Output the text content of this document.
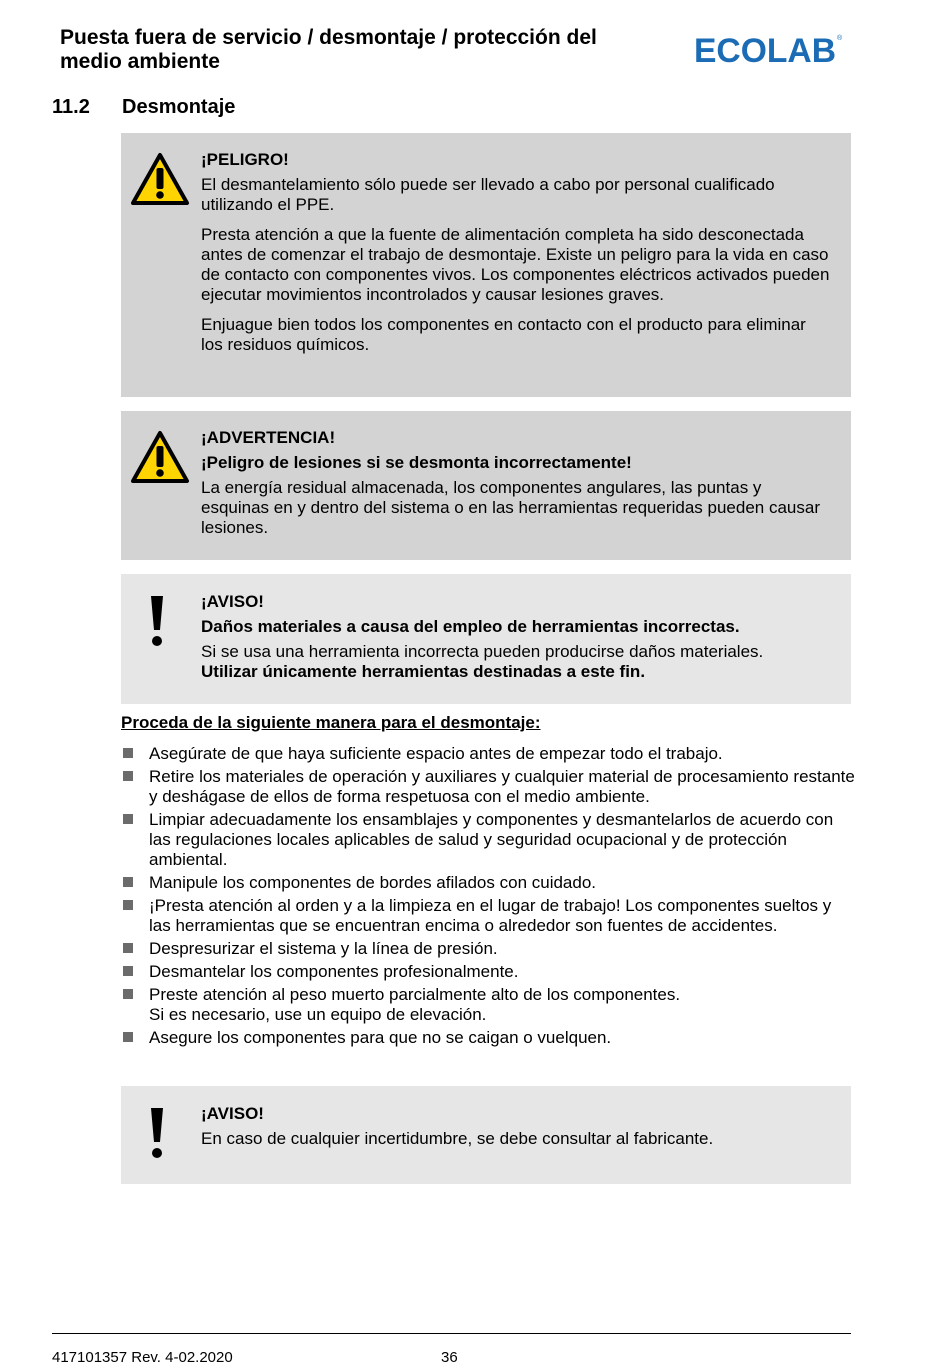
Puesta fuera de servicio / desmontaje / protección del medio ambiente	ECOLAB ®
11.2 Desmontaje

¡PELIGRO!

El desmantelamiento sólo puede ser llevado a cabo por personal cualificado utilizando el PPE.

Presta atención a que la fuente de alimentación completa ha sido desconectada antes de comenzar el trabajo de desmontaje. Existe un peligro para la vida en caso de contacto con componentes vivos. Los componentes eléctricos activados pueden ejecutar movimientos incontrolados y causar lesiones graves.

Enjuague bien todos los componentes en contacto con el producto para eliminar los residuos químicos.

¡ADVERTENCIA!

¡Peligro de lesiones si se desmonta incorrectamente!

La energía residual almacenada, los componentes angulares, las puntas y esquinas en y dentro del sistema o en las herramientas requeridas pueden causar lesiones.

¡AVISO!

Daños materiales a causa del empleo de herramientas incorrectas.

Si se usa una herramienta incorrecta pueden producirse daños materiales.
Utilizar únicamente herramientas destinadas a este fin.

Proceda de la siguiente manera para el desmontaje:
Asegúrate de que haya suficiente espacio antes de empezar todo el trabajo.
Retire los materiales de operación y auxiliares y cualquier material de procesamiento restante y deshágase de ellos de forma respetuosa con el medio ambiente.
Limpiar adecuadamente los ensamblajes y componentes y desmantelarlos de acuerdo con las regulaciones locales aplicables de salud y seguridad ocupacional y de protección ambiental.
Manipule los componentes de bordes afilados con cuidado.
¡Presta atención al orden y a la limpieza en el lugar de trabajo! Los componentes sueltos y las herramientas que se encuentran encima o alrededor son fuentes de accidentes.
Despresurizar el sistema y la línea de presión.
Desmantelar los componentes profesionalmente.
Preste atención al peso muerto parcialmente alto de los componentes.
Si es necesario, use un equipo de elevación.
Asegure los componentes para que no se caigan o vuelquen.

¡AVISO!

En caso de cualquier incertidumbre, se debe consultar al fabricante.

417101357 Rev. 4-02.2020	36
